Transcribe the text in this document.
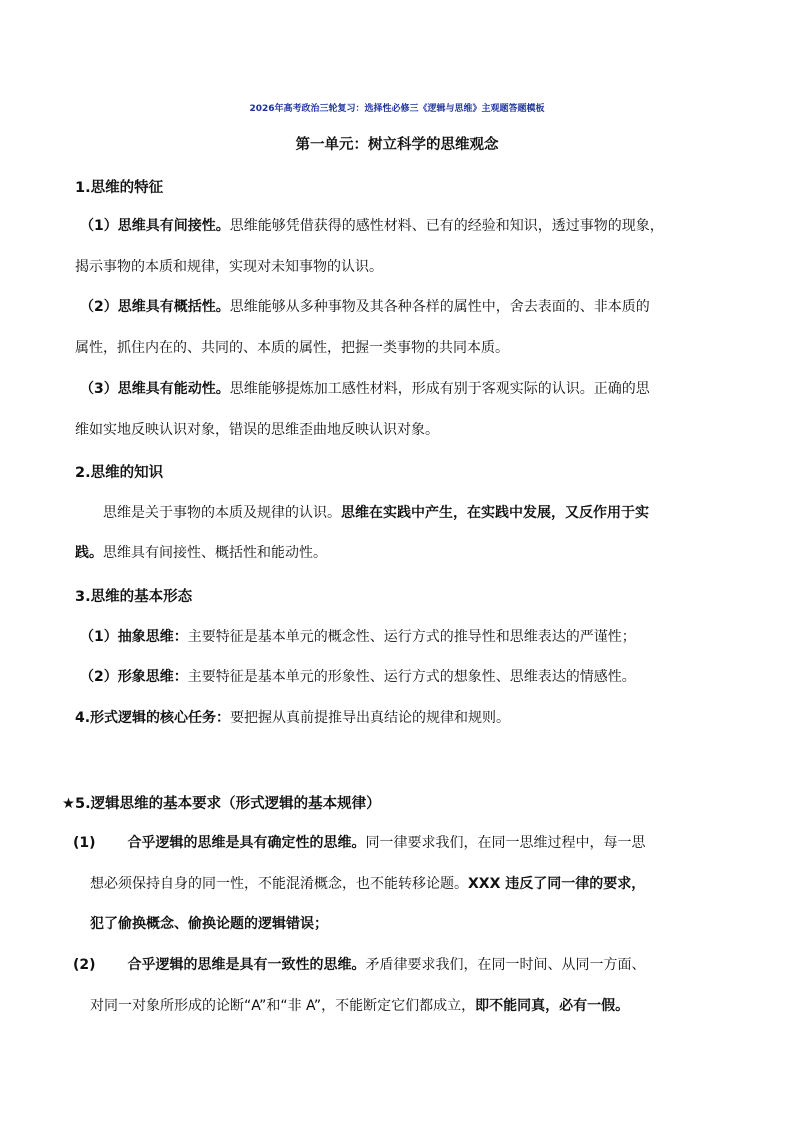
2026年高考政治三轮复习：选择性必修三《逻辑与思维》主观题答题模板
第一单元：树立科学的思维观念
1.思维的特征
（1）思维具有间接性。思维能够凭借获得的感性材料、已有的经验和知识，透过事物的现象，
揭示事物的本质和规律，实现对未知事物的认识。
（2）思维具有概括性。思维能够从多种事物及其各种各样的属性中，舍去表面的、非本质的
属性，抓住内在的、共同的、本质的属性，把握一类事物的共同本质。
（3）思维具有能动性。思维能够提炼加工感性材料，形成有别于客观实际的认识。正确的思
维如实地反映认识对象，错误的思维歪曲地反映认识对象。
2.思维的知识
思维是关于事物的本质及规律的认识。思维在实践中产生，在实践中发展，又反作用于实
践。思维具有间接性、概括性和能动性。
3.思维的基本形态
（1）抽象思维：主要特征是基本单元的概念性、运行方式的推导性和思维表达的严谨性；
（2）形象思维：主要特征是基本单元的形象性、运行方式的想象性、思维表达的情感性。
4.形式逻辑的核心任务：要把握从真前提推导出真结论的规律和规则。
★5.逻辑思维的基本要求（形式逻辑的基本规律）
(1) 合乎逻辑的思维是具有确定性的思维。同一律要求我们，在同一思维过程中，每一思
想必须保持自身的同一性，不能混淆概念，也不能转移论题。XXX 违反了同一律的要求，
犯了偷换概念、偷换论题的逻辑错误；
(2) 合乎逻辑的思维是具有一致性的思维。矛盾律要求我们，在同一时间、从同一方面、
对同一对象所形成的论断“A”和“非 A”，不能断定它们都成立，即不能同真，必有一假。
